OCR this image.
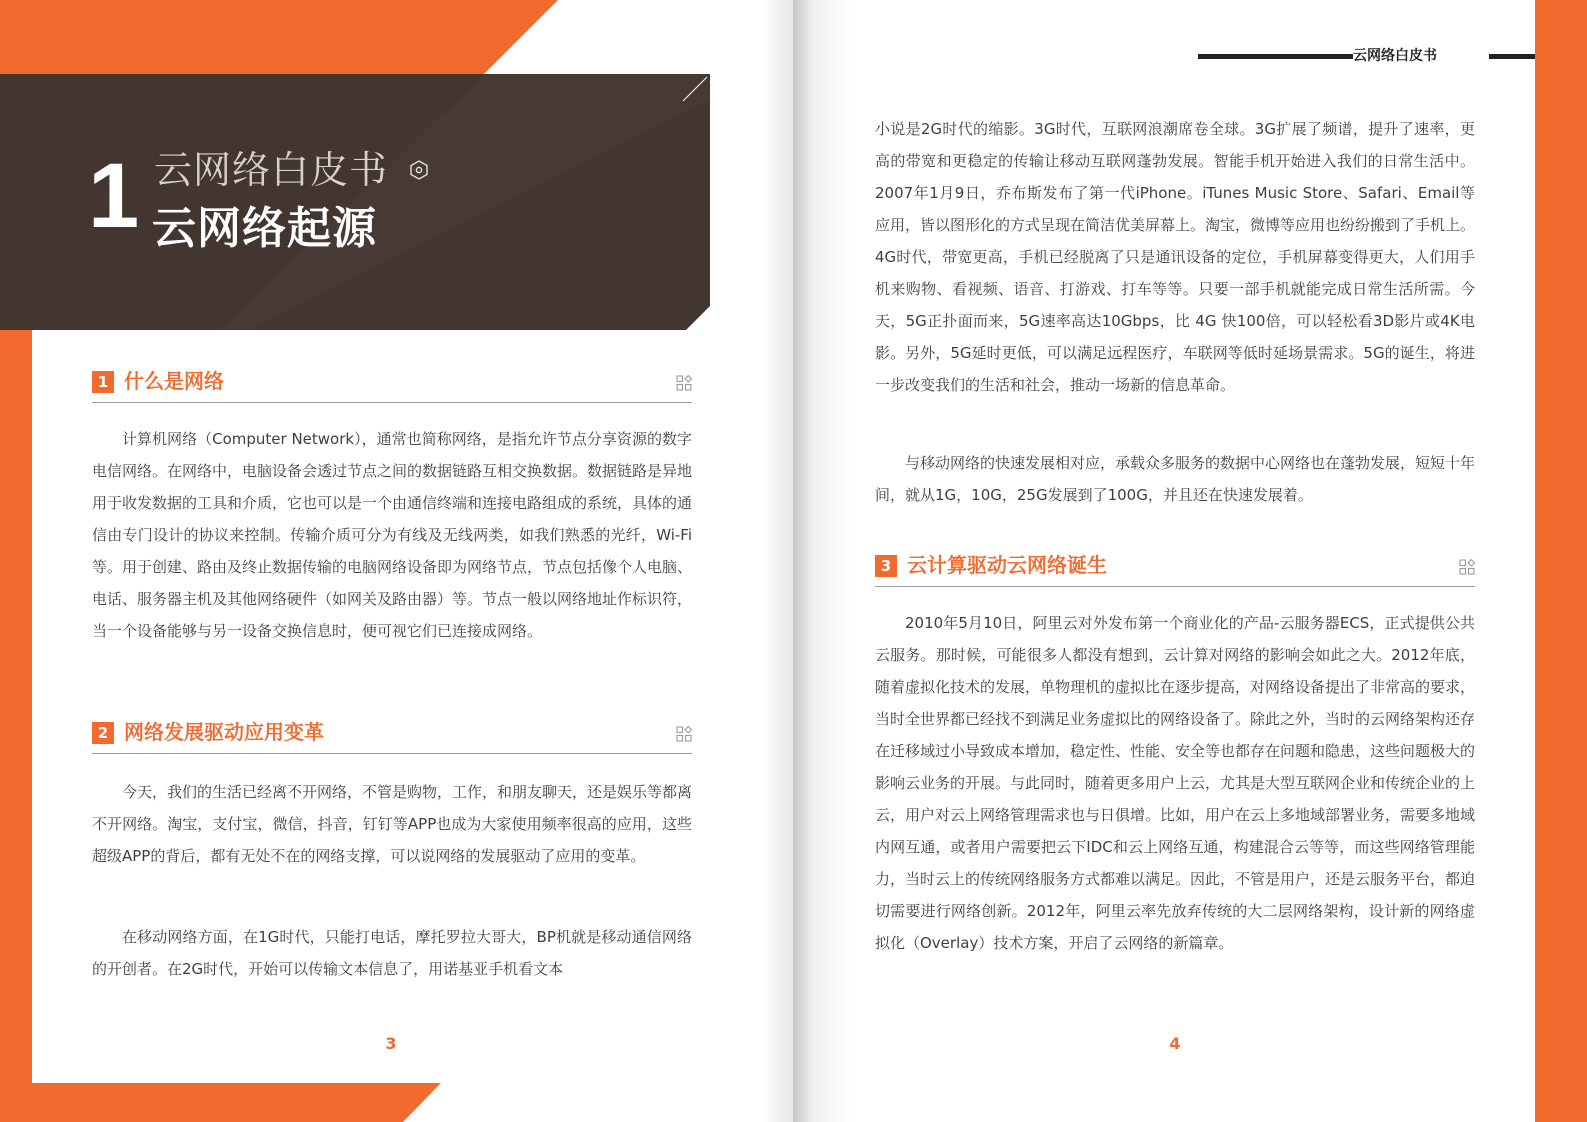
1 云网络白皮书
云网络起源
1 什么是网络

计算机网络（Computer Network），通常也简称网络，是指允许节点分享资源的数字电信网络。在网络中，电脑设备会透过节点之间的数据链路互相交换数据。数据链路是异地用于收发数据的工具和介质，它也可以是一个由通信终端和连接电路组成的系统，具体的通信由专门设计的协议来控制。传输介质可分为有线及无线两类，如我们熟悉的光纤，Wi-Fi等。用于创建、路由及终止数据传输的电脑网络设备即为网络节点，节点包括像个人电脑、电话、服务器主机及其他网络硬件（如网关及路由器）等。节点一般以网络地址作标识符，当一个设备能够与另一设备交换信息时，便可视它们已连接成网络。

2 网络发展驱动应用变革

今天，我们的生活已经离不开网络，不管是购物，工作，和朋友聊天，还是娱乐等都离不开网络。淘宝，支付宝，微信，抖音，钉钉等APP也成为大家使用频率很高的应用，这些超级APP的背后，都有无处不在的网络支撑，可以说网络的发展驱动了应用的变革。

在移动网络方面，在1G时代，只能打电话，摩托罗拉大哥大，BP机就是移动通信网络的开创者。在2G时代，开始可以传输文本信息了，用诺基亚手机看文本

3
云网络白皮书

小说是2G时代的缩影。3G时代，互联网浪潮席卷全球。3G扩展了频谱，提升了速率，更高的带宽和更稳定的传输让移动互联网蓬勃发展。智能手机开始进入我们的日常生活中。2007年1月9日，乔布斯发布了第一代iPhone。iTunes Music Store、Safari、Email等应用，皆以图形化的方式呈现在简洁优美屏幕上。淘宝，微博等应用也纷纷搬到了手机上。4G时代，带宽更高，手机已经脱离了只是通讯设备的定位，手机屏幕变得更大，人们用手机来购物、看视频、语音、打游戏、打车等等。只要一部手机就能完成日常生活所需。今天，5G正扑面而来，5G速率高达10Gbps，比 4G 快100倍，可以轻松看3D影片或4K电影。另外，5G延时更低，可以满足远程医疗，车联网等低时延场景需求。5G的诞生，将进一步改变我们的生活和社会，推动一场新的信息革命。

与移动网络的快速发展相对应，承载众多服务的数据中心网络也在蓬勃发展，短短十年间，就从1G，10G，25G发展到了100G，并且还在快速发展着。

3 云计算驱动云网络诞生

2010年5月10日，阿里云对外发布第一个商业化的产品-云服务器ECS，正式提供公共云服务。那时候，可能很多人都没有想到，云计算对网络的影响会如此之大。2012年底，随着虚拟化技术的发展，单物理机的虚拟比在逐步提高，对网络设备提出了非常高的要求，当时全世界都已经找不到满足业务虚拟比的网络设备了。除此之外，当时的云网络架构还存在迁移域过小导致成本增加，稳定性、性能、安全等也都存在问题和隐患，这些问题极大的影响云业务的开展。与此同时，随着更多用户上云，尤其是大型互联网企业和传统企业的上云，用户对云上网络管理需求也与日俱增。比如，用户在云上多地域部署业务，需要多地域内网互通，或者用户需要把云下IDC和云上网络互通，构建混合云等等，而这些网络管理能力，当时云上的传统网络服务方式都难以满足。因此，不管是用户，还是云服务平台，都迫切需要进行网络创新。2012年，阿里云率先放弃传统的大二层网络架构，设计新的网络虚拟化（Overlay）技术方案，开启了云网络的新篇章。

4
